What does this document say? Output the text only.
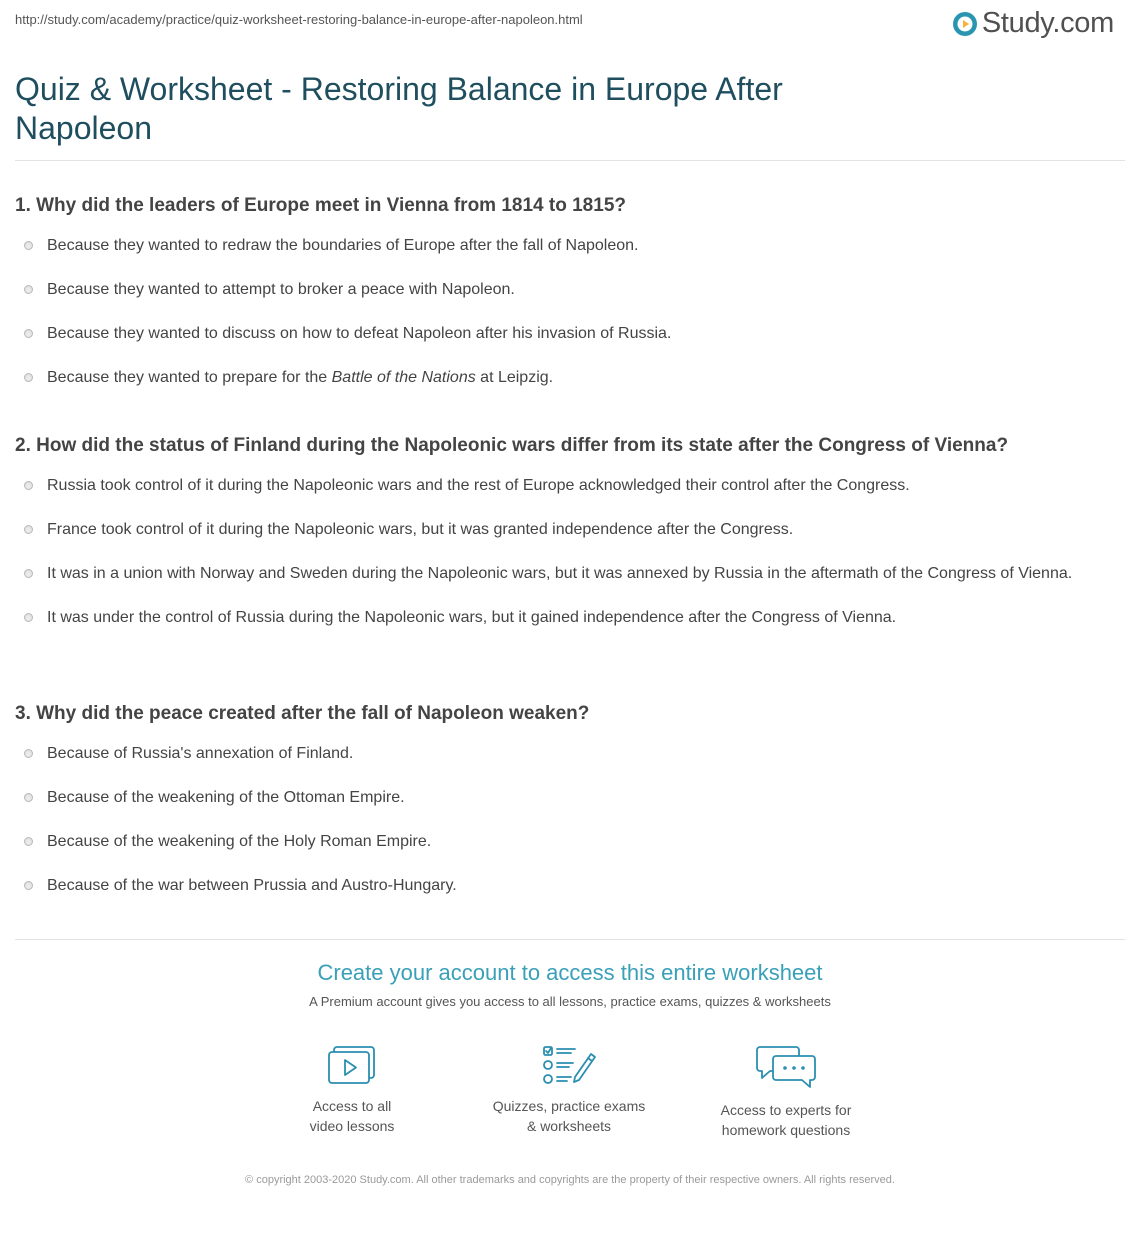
http://study.com/academy/practice/quiz-worksheet-restoring-balance-in-europe-after-napoleon.html	Study.com
Quiz & Worksheet - Restoring Balance in Europe After Napoleon

1. Why did the leaders of Europe meet in Vienna from 1814 to 1815?

Because they wanted to redraw the boundaries of Europe after the fall of Napoleon.
Because they wanted to attempt to broker a peace with Napoleon.
Because they wanted to discuss on how to defeat Napoleon after his invasion of Russia.
Because they wanted to prepare for the Battle of the Nations at Leipzig.

2. How did the status of Finland during the Napoleonic wars differ from its state after the Congress of Vienna?

Russia took control of it during the Napoleonic wars and the rest of Europe acknowledged their control after the Congress.
France took control of it during the Napoleonic wars, but it was granted independence after the Congress.
It was in a union with Norway and Sweden during the Napoleonic wars, but it was annexed by Russia in the aftermath of the Congress of Vienna.
It was under the control of Russia during the Napoleonic wars, but it gained independence after the Congress of Vienna.

3. Why did the peace created after the fall of Napoleon weaken?

Because of Russia's annexation of Finland.
Because of the weakening of the Ottoman Empire.
Because of the weakening of the Holy Roman Empire.
Because of the war between Prussia and Austro-Hungary.
Create your account to access this entire worksheet
A Premium account gives you access to all lessons, practice exams, quizzes & worksheets
Access to all
video lessons
Quizzes, practice exams
& worksheets
Access to experts for
homework questions
© copyright 2003-2020 Study.com. All other trademarks and copyrights are the property of their respective owners. All rights reserved.
